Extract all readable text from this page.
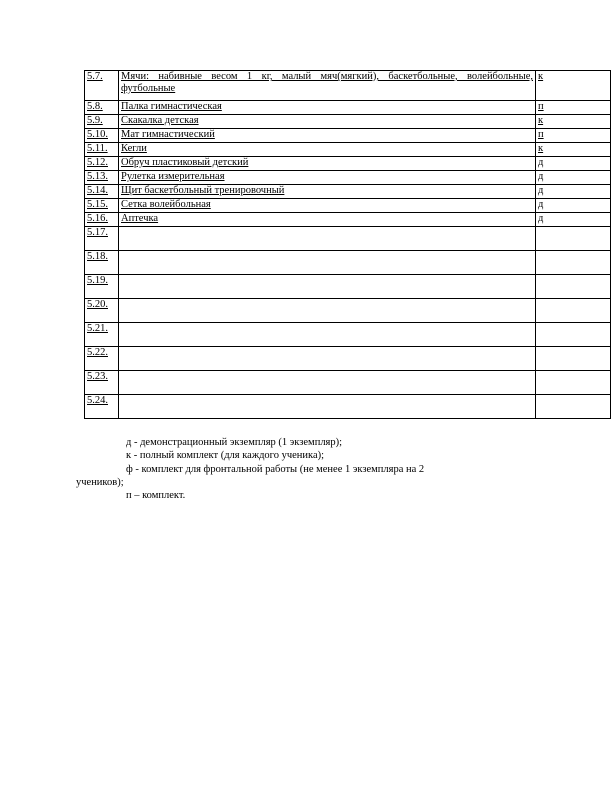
5.7.	Мячи: набивные весом 1 кг, малый мяч(мягкий), баскетбольные, волейбольные, футбольные	к
5.8.	Палка гимнастическая	п
5.9.	Скакалка детская	к
5.10.	Мат гимнастический	п
5.11.	Кегли	к
5.12.	Обруч пластиковый детский	д
5.13.	Рулетка измерительная	д
5.14.	Щит баскетбольный тренировочный	д
5.15.	Сетка волейбольная	д
5.16.	Аптечка	д
5.17.		
5.18.		
5.19.		
5.20.		
5.21.		
5.22.		
5.23.		
5.24.		

д - демонстрационный экземпляр (1 экземпляр);

к - полный комплект (для каждого ученика);

ф - комплект для фронтальной работы (не менее 1 экземпляра на 2

учеников);

п – комплект.
